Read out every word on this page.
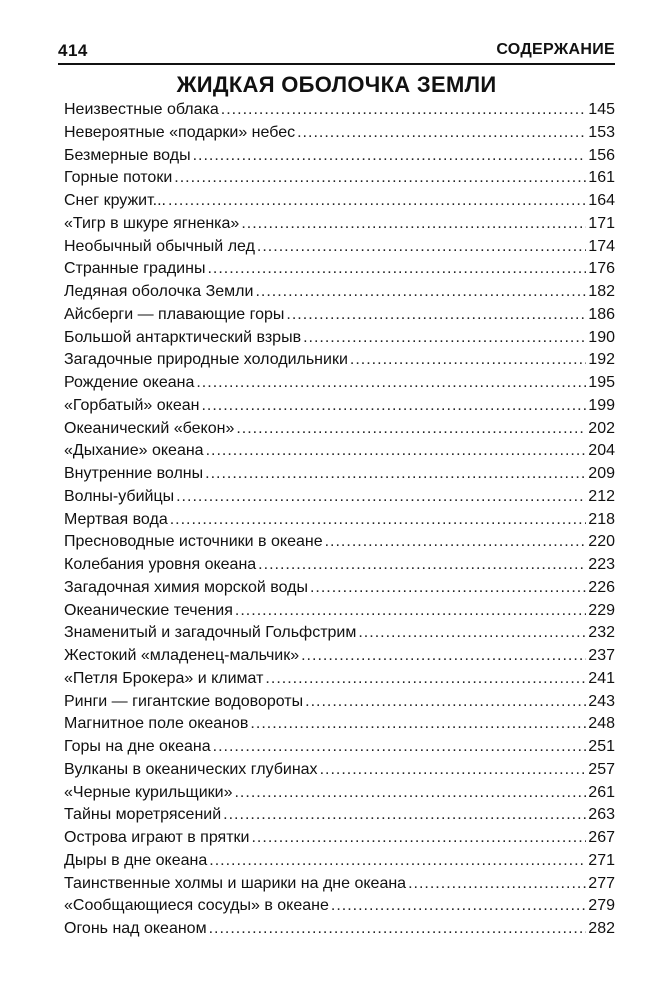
414	СОДЕРЖАНИЕ
ЖИДКАЯ ОБОЛОЧКА ЗЕМЛИ
Неизвестные облака .....	145
Невероятные «подарки» небес .....	153
Безмерные воды .....	156
Горные потоки .....	161
Снег кружит... .....	164
«Тигр в шкуре ягненка» .....	171
Необычный обычный лед .....	174
Странные градины .....	176
Ледяная оболочка Земли .....	182
Айсберги — плавающие горы .....	186
Большой антарктический взрыв .....	190
Загадочные природные холодильники .....	192
Рождение океана .....	195
«Горбатый» океан .....	199
Океанический «бекон» .....	202
«Дыхание» океана .....	204
Внутренние волны .....	209
Волны-убийцы .....	212
Мертвая вода .....	218
Пресноводные источники в океане .....	220
Колебания уровня океана .....	223
Загадочная химия морской воды .....	226
Океанические течения .....	229
Знаменитый и загадочный Гольфстрим .....	232
Жестокий «младенец-мальчик» .....	237
«Петля Брокера» и климат .....	241
Ринги — гигантские водовороты .....	243
Магнитное поле океанов .....	248
Горы на дне океана .....	251
Вулканы в океанических глубинах .....	257
«Черные курильщики» .....	261
Тайны моретрясений .....	263
Острова играют в прятки .....	267
Дыры в дне океана .....	271
Таинственные холмы и шарики на дне океана .....	277
«Сообщающиеся сосуды» в океане .....	279
Огонь над океаном .....	282
